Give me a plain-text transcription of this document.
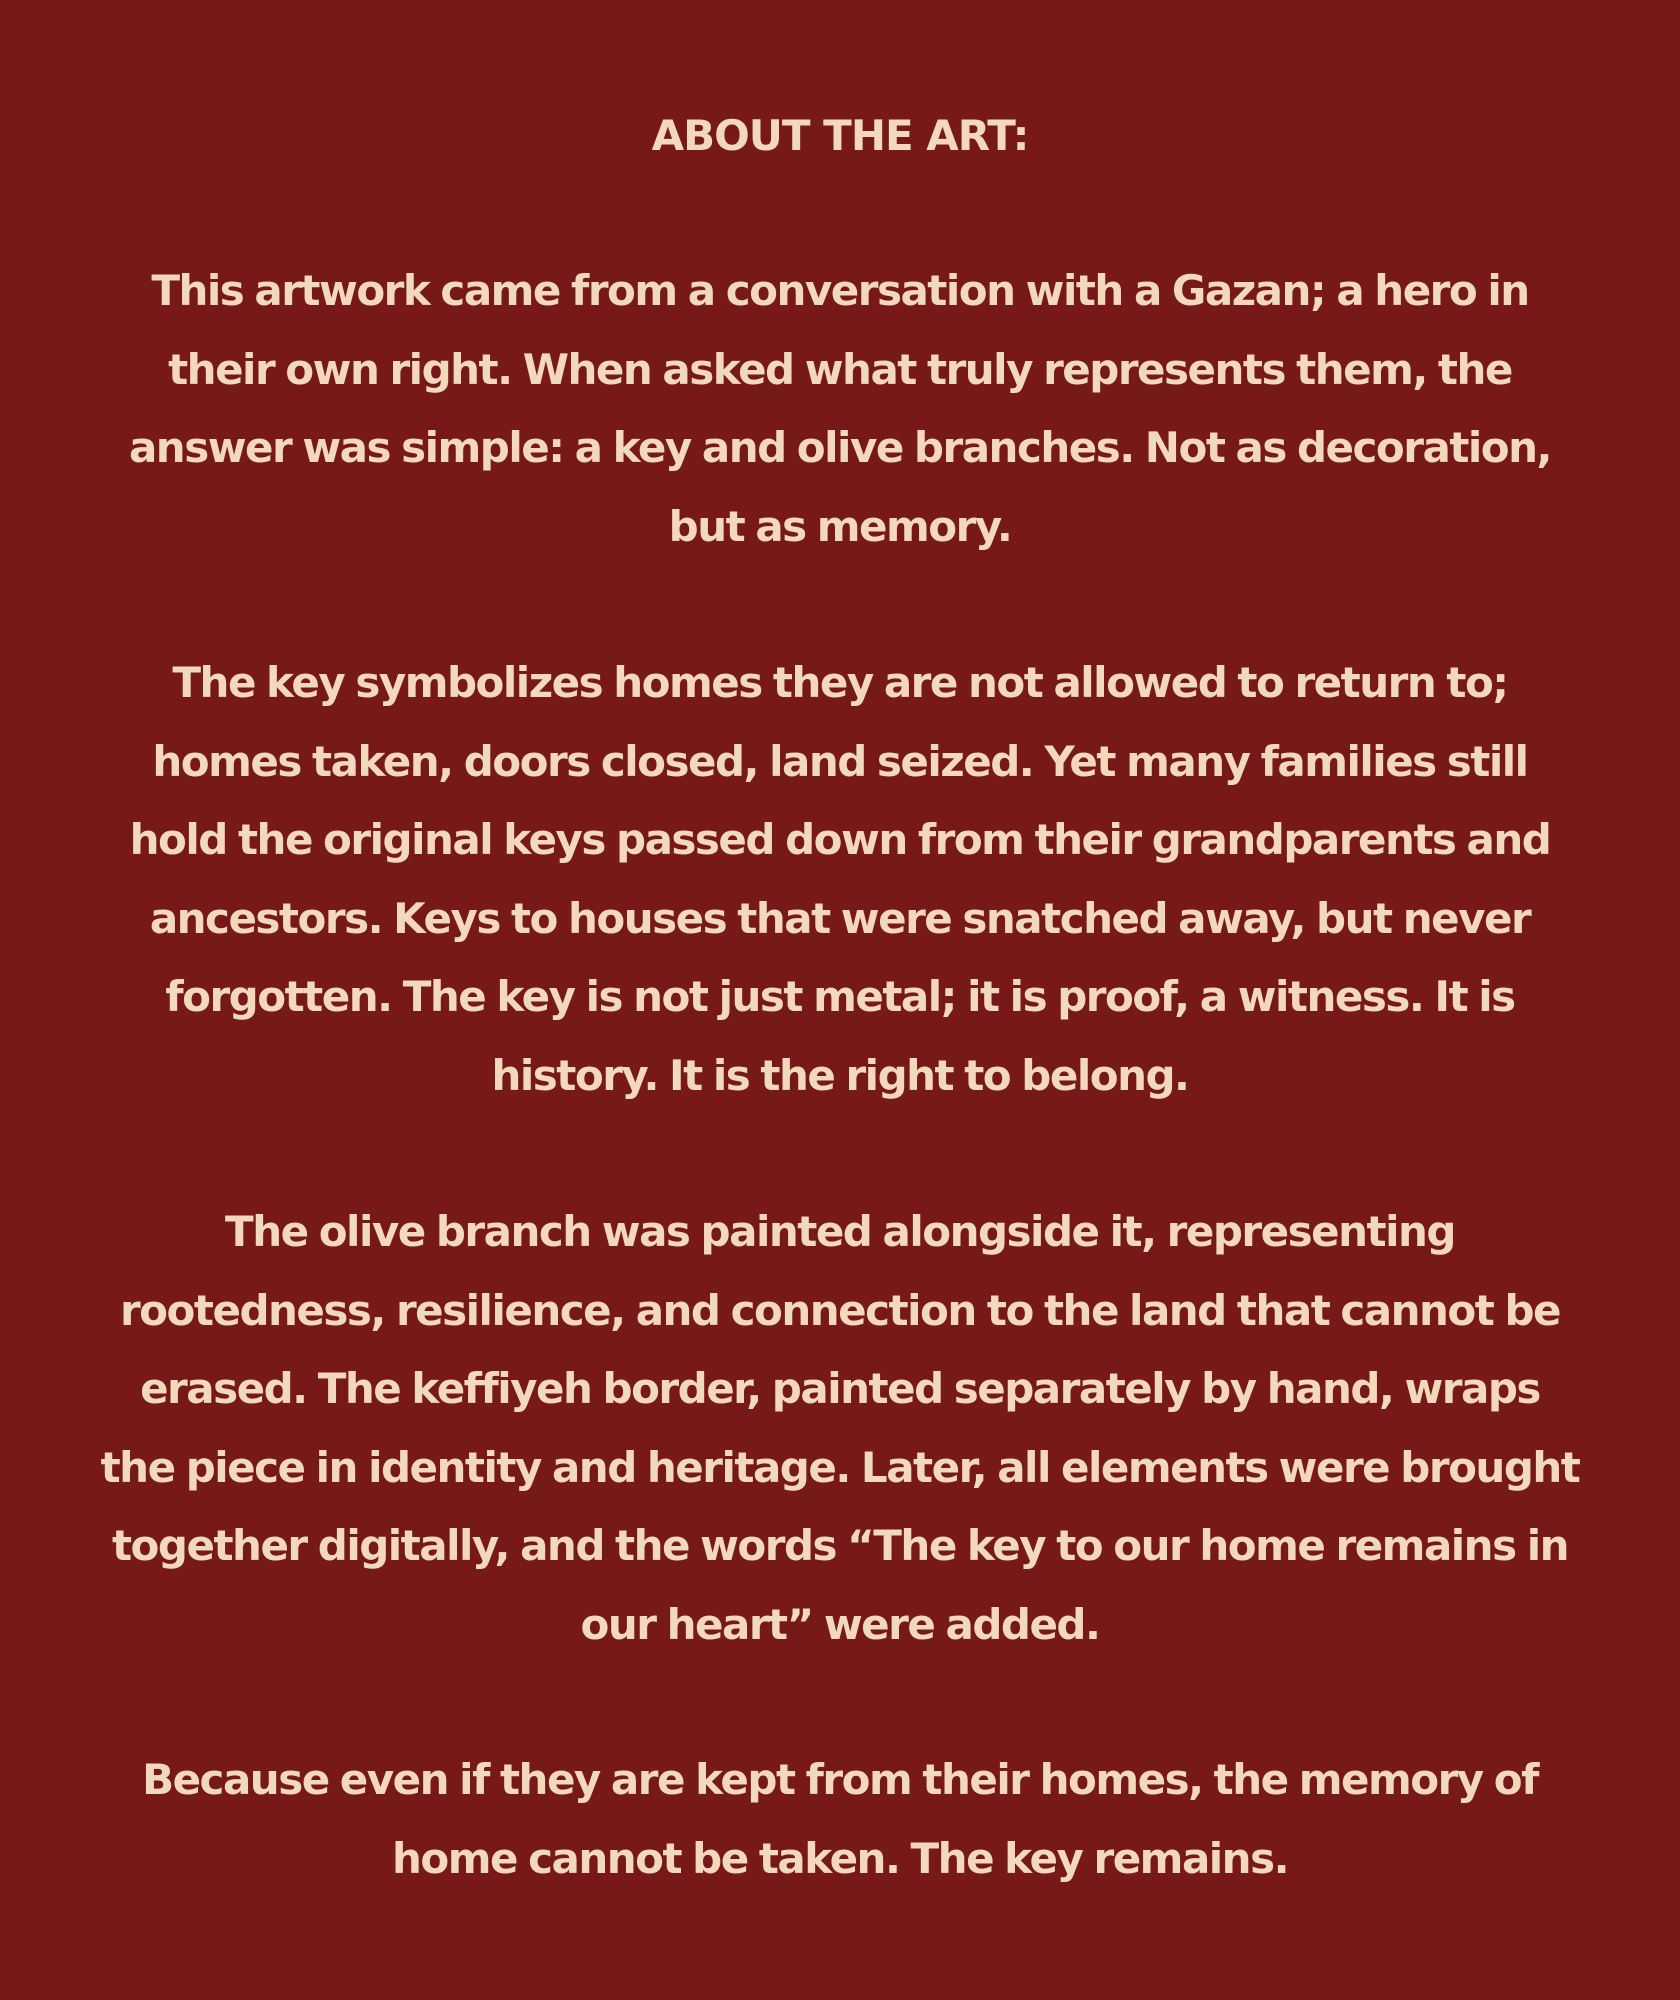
ABOUT THE ART:

This artwork came from a conversation with a Gazan; a hero in their own right. When asked what truly represents them, the answer was simple: a key and olive branches. Not as decoration, but as memory.

The key symbolizes homes they are not allowed to return to; homes taken, doors closed, land seized. Yet many families still hold the original keys passed down from their grandparents and ancestors. Keys to houses that were snatched away, but never forgotten. The key is not just metal; it is proof, a witness. It is history. It is the right to belong.

The olive branch was painted alongside it, representing rootedness, resilience, and connection to the land that cannot be erased. The keffiyeh border, painted separately by hand, wraps the piece in identity and heritage. Later, all elements were brought together digitally, and the words “The key to our home remains in our heart” were added.

Because even if they are kept from their homes, the memory of home cannot be taken. The key remains.
